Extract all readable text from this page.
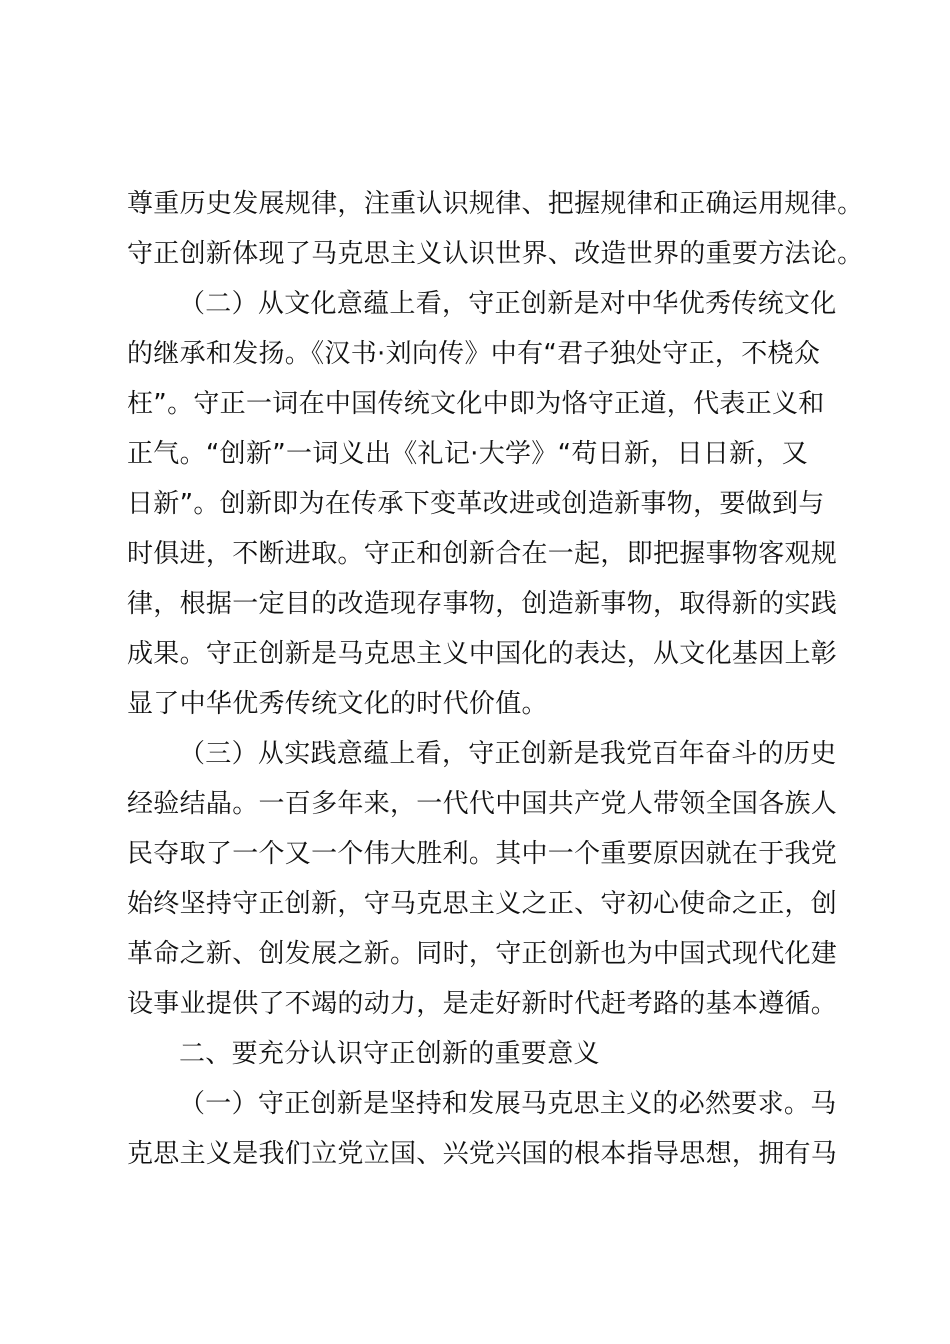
尊重历史发展规律，注重认识规律、把握规律和正确运用规律。
守正创新体现了马克思主义认识世界、改造世界的重要方法论。
（二）从文化意蕴上看，守正创新是对中华优秀传统文化
的继承和发扬。《汉书·刘向传》中有“君子独处守正，不桡众
枉”。守正一词在中国传统文化中即为恪守正道，代表正义和
正气。“创新”一词义出《礼记·大学》“苟日新，日日新，又
日新”。创新即为在传承下变革改进或创造新事物，要做到与
时俱进，不断进取。守正和创新合在一起，即把握事物客观规
律，根据一定目的改造现存事物，创造新事物，取得新的实践
成果。守正创新是马克思主义中国化的表达，从文化基因上彰
显了中华优秀传统文化的时代价值。
（三）从实践意蕴上看，守正创新是我党百年奋斗的历史
经验结晶。一百多年来，一代代中国共产党人带领全国各族人
民夺取了一个又一个伟大胜利。其中一个重要原因就在于我党
始终坚持守正创新，守马克思主义之正、守初心使命之正，创
革命之新、创发展之新。同时，守正创新也为中国式现代化建
设事业提供了不竭的动力，是走好新时代赶考路的基本遵循。
二、要充分认识守正创新的重要意义
（一）守正创新是坚持和发展马克思主义的必然要求。马
克思主义是我们立党立国、兴党兴国的根本指导思想，拥有马
